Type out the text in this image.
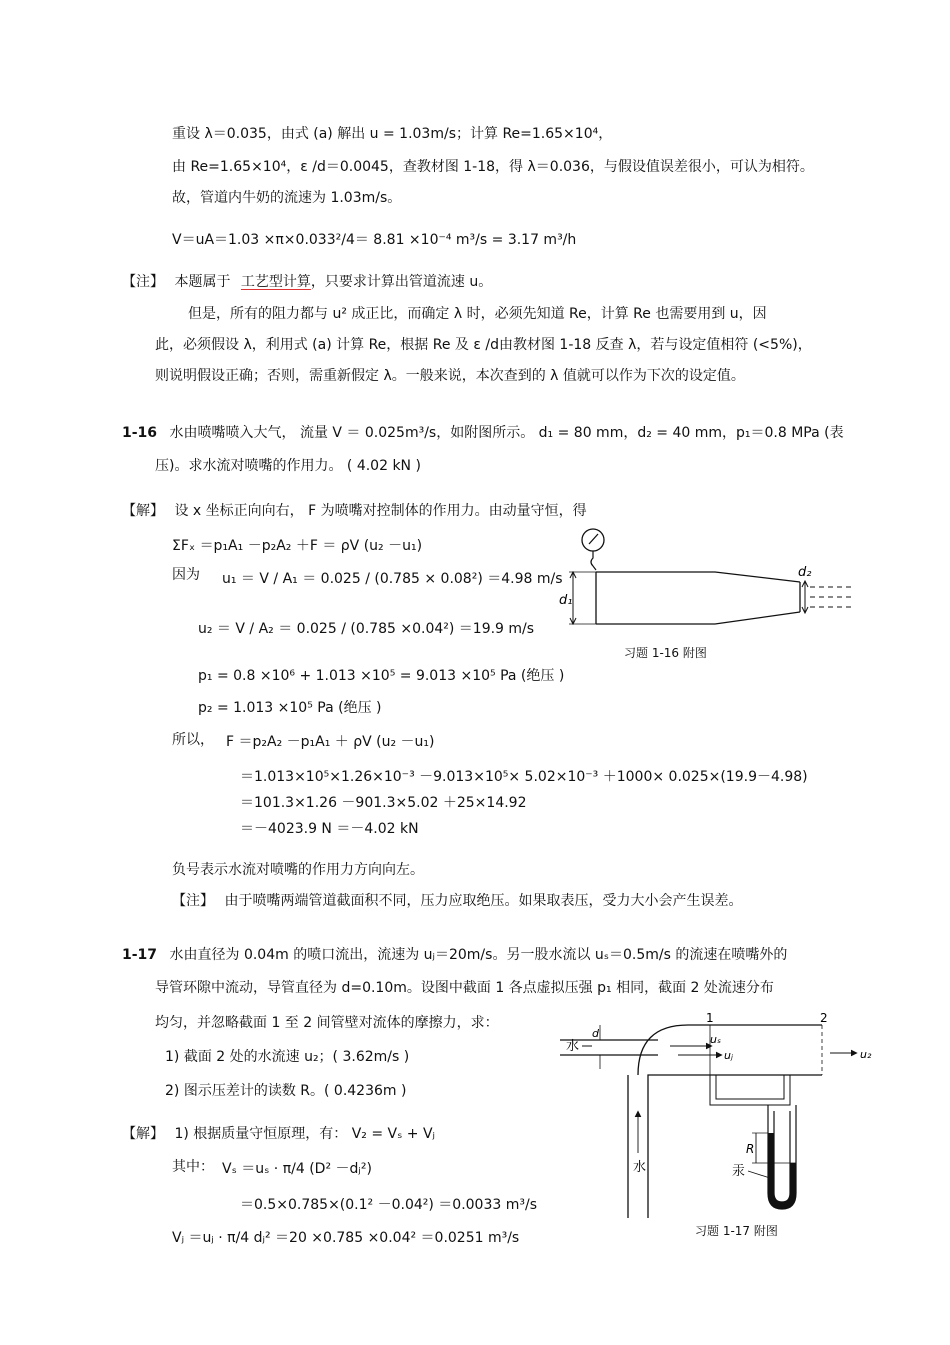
重设 λ＝0.035，由式 (a) 解出 u = 1.03m/s；计算 Re=1.65×10⁴，
由 Re=1.65×10⁴，ε /d＝0.0045，查教材图 1-18，得 λ＝0.036，与假设值误差很小，可认为相符。
故，管道内牛奶的流速为 1.03m/s。
V＝uA＝1.03 ×π×0.033²/4＝ 8.81 ×10⁻⁴ m³/s = 3.17 m³/h
【注】 本题属于 工艺型计算，只要求计算出管道流速 u。
但是，所有的阻力都与 u² 成正比，而确定 λ 时，必须先知道 Re，计算 Re 也需要用到 u，因
此，必须假设 λ，利用式 (a) 计算 Re，根据 Re 及 ε /d由教材图 1-18 反查 λ，若与设定值相符 (<5%)，
则说明假设正确；否则，需重新假定 λ。一般来说，本次查到的 λ 值就可以作为下次的设定值。
1-16 水由喷嘴喷入大气， 流量 V ＝ 0.025m³/s，如附图所示。 d₁ = 80 mm，d₂ = 40 mm，p₁＝0.8 MPa (表
压)。求水流对喷嘴的作用力。 ( 4.02 kN )
【解】 设 x 坐标正向向右， F 为喷嘴对控制体的作用力。由动量守恒，得
ΣFₓ ＝p₁A₁ －p₂A₂ ＋F ＝ ρV (u₂ －u₁)
因为 u₁ ＝ V / A₁ ＝ 0.025 / (0.785 × 0.08²) ＝4.98 m/s
u₂ ＝ V / A₂ ＝ 0.025 / (0.785 ×0.04²) ＝19.9 m/s
p₁ = 0.8 ×10⁶ + 1.013 ×10⁵ = 9.013 ×10⁵ Pa (绝压 )
p₂ = 1.013 ×10⁵ Pa (绝压 )
所以， F ＝p₂A₂ －p₁A₁ ＋ ρV (u₂ －u₁)
＝1.013×10⁵×1.26×10⁻³ －9.013×10⁵× 5.02×10⁻³ ＋1000× 0.025×(19.9－4.98)
＝101.3×1.26 －901.3×5.02 ＋25×14.92
＝－4023.9 N ＝－4.02 kN
负号表示水流对喷嘴的作用力方向向左。
【注】 由于喷嘴两端管道截面积不同，压力应取绝压。如果取表压，受力大小会产生误差。
d₁
d₂
习题 1-16 附图
1-17 水由直径为 0.04m 的喷口流出，流速为 uⱼ＝20m/s。另一股水流以 uₛ＝0.5m/s 的流速在喷嘴外的
导管环隙中流动，导管直径为 d=0.10m。设图中截面 1 各点虚拟压强 p₁ 相同，截面 2 处流速分布
均匀，并忽略截面 1 至 2 间管壁对流体的摩擦力，求：
1) 截面 2 处的水流速 u₂；( 3.62m/s )
2) 图示压差计的读数 R。( 0.4236m )
【解】 1) 根据质量守恒原理，有： V₂ = Vₛ + Vⱼ
其中： Vₛ ＝uₛ · π/4 (D² －dⱼ²)
＝0.5×0.785×(0.1² －0.04²) ＝0.0033 m³/s
Vⱼ ＝uⱼ · π/4 dⱼ² ＝20 ×0.785 ×0.04² ＝0.0251 m³/s
水
d
1	2
uₛ
uⱼ	u₂
水
R
汞
习题 1-17 附图
